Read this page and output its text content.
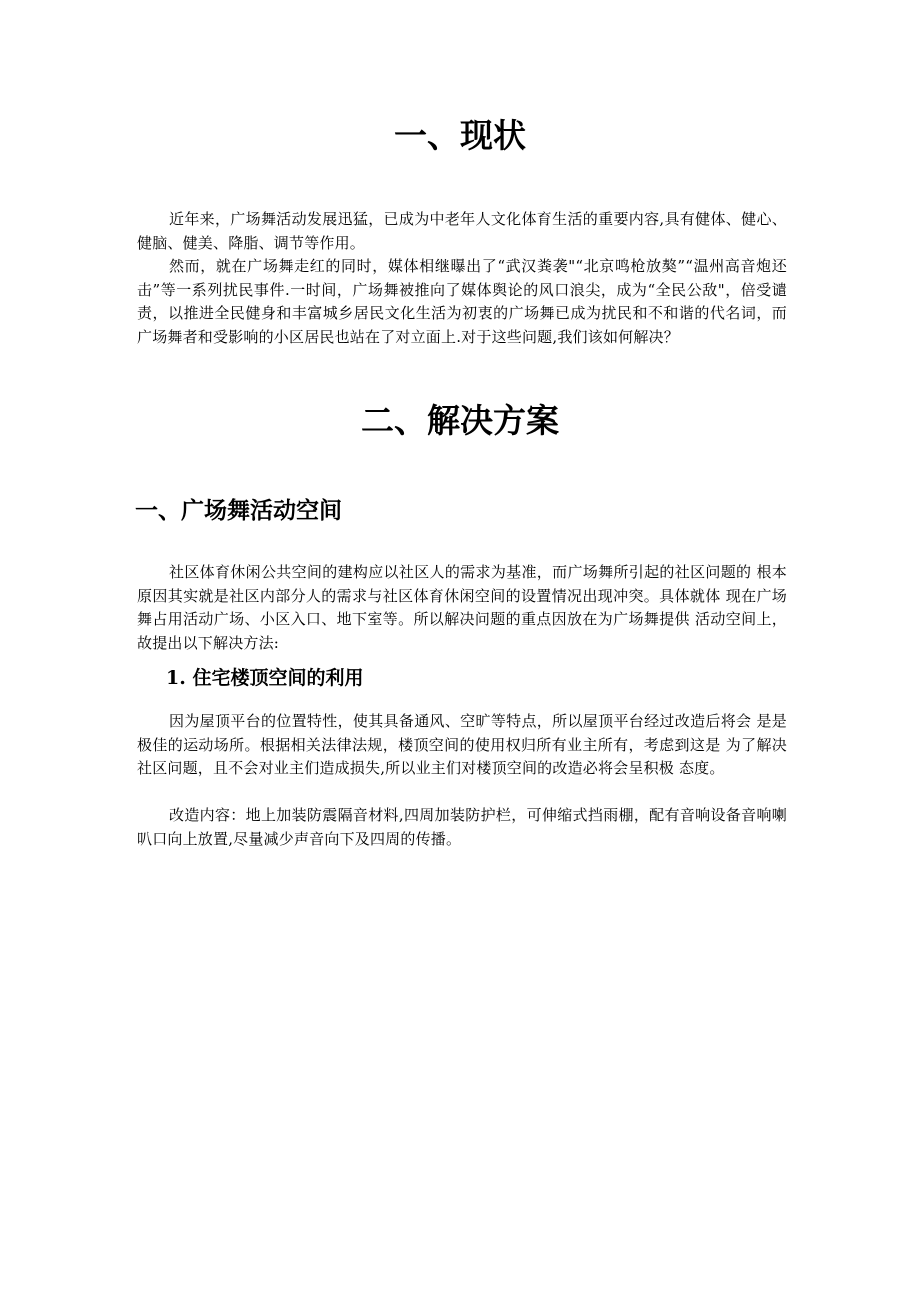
一、现状

近年来，广场舞活动发展迅猛，已成为中老年人文化体育生活的重要内容,具有健体、健心、健脑、健美、降脂、调节等作用。

然而，就在广场舞走红的同时，媒体相继曝出了“武汉粪袭"“北京鸣枪放獒”“温州高音炮还击”等一系列扰民事件.一时间，广场舞被推向了媒体舆论的风口浪尖，成为“全民公敌"，倍受谴责，以推进全民健身和丰富城乡居民文化生活为初衷的广场舞已成为扰民和不和谐的代名词，而广场舞者和受影响的小区居民也站在了对立面上.对于这些问题,我们该如何解决？

二、解决方案
一、广场舞活动空间

社区体育休闲公共空间的建构应以社区人的需求为基准，而广场舞所引起的社区问题的 根本原因其实就是社区内部分人的需求与社区体育休闲空间的设置情况出现冲突。具体就体 现在广场舞占用活动广场、小区入口、地下室等。所以解决问题的重点因放在为广场舞提供 活动空间上，故提出以下解决方法:

1. 住宅楼顶空间的利用

因为屋顶平台的位置特性，使其具备通风、空旷等特点，所以屋顶平台经过改造后将会 是是极佳的运动场所。根据相关法律法规，楼顶空间的使用权归所有业主所有，考虑到这是 为了解决社区问题，且不会对业主们造成损失,所以业主们对楼顶空间的改造必将会呈积极 态度。

改造内容：地上加装防震隔音材料,四周加装防护栏，可伸缩式挡雨棚，配有音响设备音响喇叭口向上放置,尽量减少声音向下及四周的传播。
